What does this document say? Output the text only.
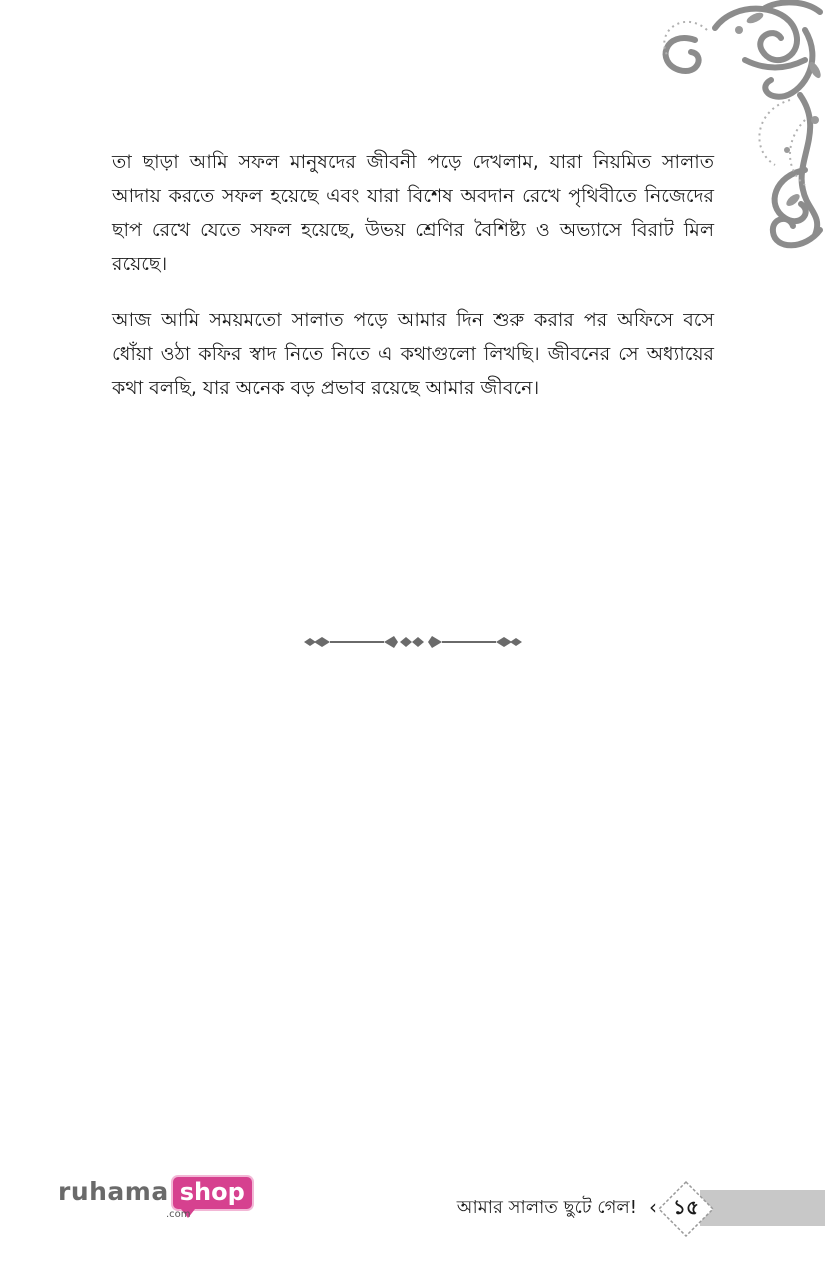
তা ছাড়া আমি সফল মানুষদের জীবনী পড়ে দেখলাম, যারা নিয়মিত সালাত আদায় করতে সফল হয়েছে এবং যারা বিশেষ অবদান রেখে পৃথিবীতে নিজেদের ছাপ রেখে যেতে সফল হয়েছে, উভয় শ্রেণির বৈশিষ্ট্য ও অভ্যাসে বিরাট মিল রয়েছে।

আজ আমি সময়মতো সালাত পড়ে আমার দিন শুরু করার পর অফিসে বসে ধোঁয়া ওঠা কফির স্বাদ নিতে নিতে এ কথাগুলো লিখছি। জীবনের সে অধ্যায়ের কথা বলছি, যার অনেক বড় প্রভাব রয়েছে আমার জীবনে।

ruhama shop
.com	আমার সালাত ছুটে গেল! ‹ ১৫
